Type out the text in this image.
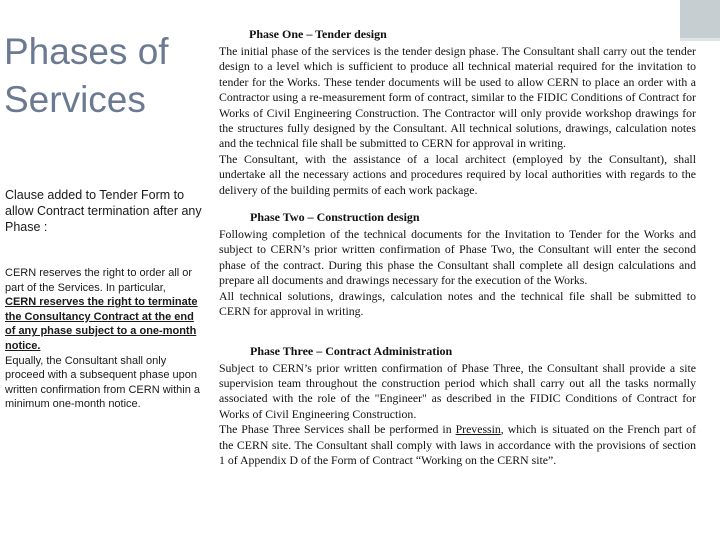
Phases of
Services
Clause added to Tender Form to allow Contract termination after any Phase :
CERN reserves the right to order all or part of the Services. In particular,
CERN reserves the right to terminate the Consultancy Contract at the end of any phase subject to a one-month notice.
Equally, the Consultant shall only proceed with a subsequent phase upon written confirmation from CERN within a minimum one-month notice.
Phase One – Tender design

The initial phase of the services is the tender design phase. The Consultant shall carry out the tender design to a level which is sufficient to produce all technical material required for the invitation to tender for the Works. These tender documents will be used to allow CERN to place an order with a Contractor using a re-measurement form of contract, similar to the FIDIC Conditions of Contract for Works of Civil Engineering Construction. The Contractor will only provide workshop drawings for the structures fully designed by the Consultant. All technical solutions, drawings, calculation notes and the technical file shall be submitted to CERN for approval in writing.

The Consultant, with the assistance of a local architect (employed by the Consultant), shall undertake all the necessary actions and procedures required by local authorities with regards to the delivery of the building permits of each work package.

Phase Two – Construction design

Following completion of the technical documents for the Invitation to Tender for the Works and subject to CERN’s prior written confirmation of Phase Two, the Consultant will enter the second phase of the contract. During this phase the Consultant shall complete all design calculations and prepare all documents and drawings necessary for the execution of the Works.

All technical solutions, drawings, calculation notes and the technical file shall be submitted to CERN for approval in writing.

Phase Three – Contract Administration

Subject to CERN’s prior written confirmation of Phase Three, the Consultant shall provide a site supervision team throughout the construction period which shall carry out all the tasks normally associated with the role of the "Engineer" as described in the FIDIC Conditions of Contract for Works of Civil Engineering Construction.

The Phase Three Services shall be performed in Prevessin, which is situated on the French part of the CERN site. The Consultant shall comply with laws in accordance with the provisions of section 1 of Appendix D of the Form of Contract “Working on the CERN site”.
